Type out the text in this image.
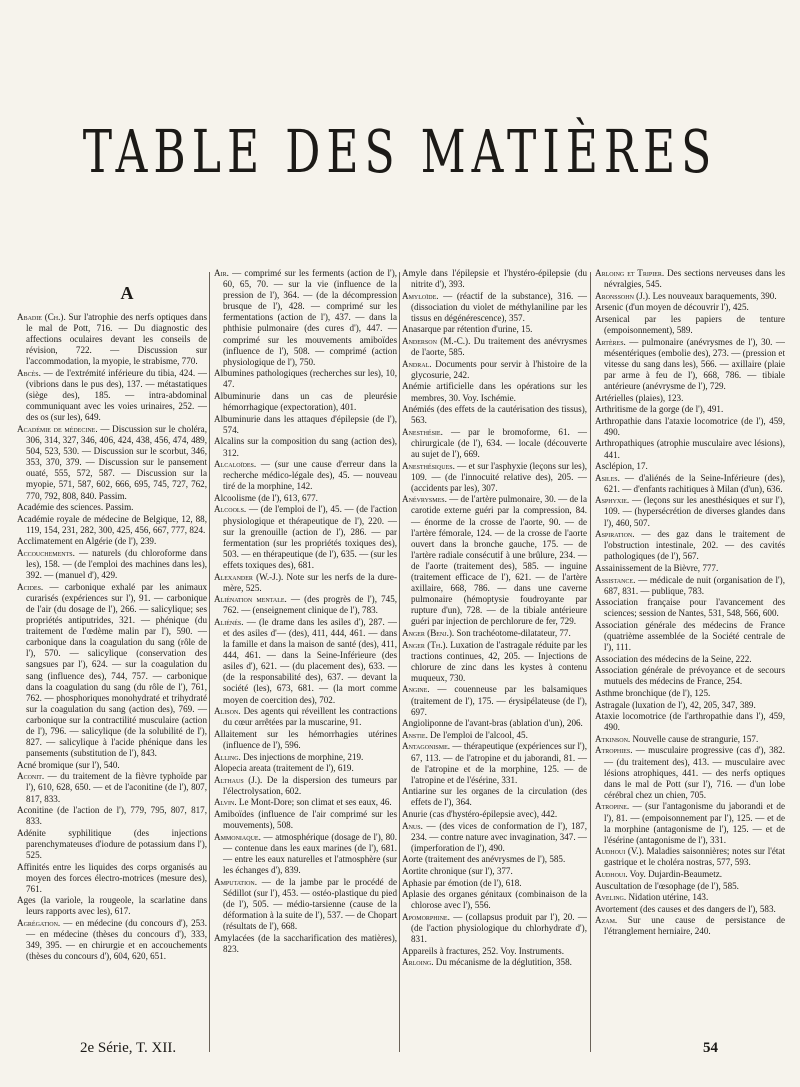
TABLE DES MATIÈRES
A

Abadie (Ch.). Sur l'atrophie des nerfs optiques dans le mal de Pott, 716. — Du diagnostic des affections oculaires devant les conseils de révision, 722. — Discussion sur l'accommodation, la myopie, le strabisme, 770.

Abcès. — de l'extrémité inférieure du tibia, 424. — (vibrions dans le pus des), 137. — métastatiques (siège des), 185. — intra-abdominal communiquant avec les voies urinaires, 252. — des os (sur les), 649.

Académie de médecine. — Discussion sur le choléra, 306, 314, 327, 346, 406, 424, 438, 456, 474, 489, 504, 523, 530. — Discussion sur le scorbut, 346, 353, 370, 379. — Discussion sur le pansement ouaté, 555, 572, 587. — Discussion sur la myopie, 571, 587, 602, 666, 695, 745, 727, 762, 770, 792, 808, 840. Passim.

Académie des sciences. Passim.

Académie royale de médecine de Belgique, 12, 88, 119, 154, 231, 282, 300, 425, 456, 667, 777, 824.

Acclimatement en Algérie (de l'), 239.

Accouchements. — naturels (du chloroforme dans les), 158. — (de l'emploi des machines dans les), 392. — (manuel d'), 429.

Acides. — carbonique exhalé par les animaux curarisés (expériences sur l'), 91. — carbonique de l'air (du dosage de l'), 266. — salicylique; ses propriétés antiputrides, 321. — phénique (du traitement de l'œdème malin par l'), 590. — carbonique dans la coagulation du sang (rôle de l'), 570. — salicylique (conservation des sangsues par l'), 624. — sur la coagulation du sang (influence des), 744, 757. — carbonique dans la coagulation du sang (du rôle de l'), 761, 762. — phosphoriques monohydraté et trihydraté sur la coagulation du sang (action des), 769. — carbonique sur la contractilité musculaire (action de l'), 796. — salicylique (de la solubilité de l'), 827. — salicylique à l'acide phénique dans les pansements (substitution de l'), 843.

Acné bromique (sur l'), 540.

Aconit. — du traitement de la fièvre typhoïde par l'), 610, 628, 650. — et de l'aconitine (de l'), 807, 817, 833.

Aconitine (de l'action de l'), 779, 795, 807, 817, 833.

Adénite syphilitique (des injections parenchymateuses d'iodure de potassium dans l'), 525.

Affinités entre les liquides des corps organisés au moyen des forces électro-motrices (mesure des), 761.

Ages (la variole, la rougeole, la scarlatine dans leurs rapports avec les), 617.

Agrégation. — en médecine (du concours d'), 253. — en médecine (thèses du concours d'), 333, 349, 395. — en chirurgie et en accouchements (thèses du concours d'), 604, 620, 651.

Air. — comprimé sur les ferments (action de l'), 60, 65, 70. — sur la vie (influence de la pression de l'), 364. — (de la décompression brusque de l'), 428. — comprimé sur les fermentations (action de l'), 437. — dans la phthisie pulmonaire (des cures d'), 447. — comprimé sur les mouvements amiboïdes (influence de l'), 508. — comprimé (action physiologique de l'), 750.

Albumines pathologiques (recherches sur les), 10, 47.

Albuminurie dans un cas de pleurésie hémorrhagique (expectoration), 401.

Albuminurie dans les attaques d'épilepsie (de l'), 574.

Alcalins sur la composition du sang (action des), 312.

Alcaloïdes. — (sur une cause d'erreur dans la recherche médico-légale des), 45. — nouveau tiré de la morphine, 142.

Alcoolisme (de l'), 613, 677.

Alcools. — (de l'emploi de l'), 45. — (de l'action physiologique et thérapeutique de l'), 220. — sur la grenouille (action de l'), 286. — par fermentation (sur les propriétés toxiques des), 503. — en thérapeutique (de l'), 635. — (sur les effets toxiques des), 681.

Alexander (W.-J.). Note sur les nerfs de la dure-mère, 525.

Aliénation mentale. — (des progrès de l'), 745, 762. — (enseignement clinique de l'), 783.

Aliénés. — (le drame dans les asiles d'), 287. — et des asiles d'— (des), 411, 444, 461. — dans la famille et dans la maison de santé (des), 411, 444, 461. — dans la Seine-Inférieure (des asiles d'), 621. — (du placement des), 633. — (de la responsabilité des), 637. — devant la société (les), 673, 681. — (la mort comme moyen de coercition des), 702.

Alison. Des agents qui réveillent les contractions du cœur arrêtées par la muscarine, 91.

Allaitement sur les hémorrhagies utérines (influence de l'), 596.

Alling. Des injections de morphine, 219.

Alopecia areata (traitement de l'), 619.

Althaus (J.). De la dispersion des tumeurs par l'électrolysation, 602.

Alvin. Le Mont-Dore; son climat et ses eaux, 46.

Amiboïdes (influence de l'air comprimé sur les mouvements), 508.

Ammoniaque. — atmosphérique (dosage de l'), 80. — contenue dans les eaux marines (de l'), 681. — entre les eaux naturelles et l'atmosphère (sur les échanges d'), 839.

Amputation. — de la jambe par le procédé de Sédillot (sur l'), 453. — ostéo-plastique du pied (de l'), 505. — médio-tarsienne (cause de la déformation à la suite de l'), 537. — de Chopart (résultats de l'), 668.

Amylacées (de la saccharification des matières), 823.

Amyle dans l'épilepsie et l'hystéro-épilepsie (du nitrite d'), 393.

Amyloïde. — (réactif de la substance), 316. — (dissociation du violet de méthylaniline par les tissus en dégénérescence), 357.

Anasarque par rétention d'urine, 15.

Anderson (M.-C.). Du traitement des anévrysmes de l'aorte, 585.

Andral. Documents pour servir à l'histoire de la glycosurie, 242.

Anémie artificielle dans les opérations sur les membres, 30. Voy. Ischémie.

Anémiés (des effets de la cautérisation des tissus), 563.

Anesthésie. — par le bromoforme, 61. — chirurgicale (de l'), 634. — locale (découverte au sujet de l'), 669.

Anesthésiques. — et sur l'asphyxie (leçons sur les), 109. — (de l'innocuité relative des), 205. — (accidents par les), 307.

Anévrysmes. — de l'artère pulmonaire, 30. — de la carotide externe guéri par la compression, 84. — énorme de la crosse de l'aorte, 90. — de l'artère fémorale, 124. — de la crosse de l'aorte ouvert dans la bronche gauche, 175. — de l'artère radiale consécutif à une brûlure, 234. — de l'aorte (traitement des), 585. — inguine (traitement efficace de l'), 621. — de l'artère axillaire, 668, 786. — dans une caverne pulmonaire (hémoptysie foudroyante par rupture d'un), 728. — de la tibiale antérieure guéri par injection de perchlorure de fer, 729.

Anger (Benj.). Son trachéotome-dilatateur, 77.

Anger (Th.). Luxation de l'astragale réduite par les tractions continues, 42, 205. — Injections de chlorure de zinc dans les kystes à contenu muqueux, 730.

Angine. — couenneuse par les balsamiques (traitement de l'), 175. — érysipélateuse (de l'), 697.

Angioliponne de l'avant-bras (ablation d'un), 206.

Anstie. De l'emploi de l'alcool, 45.

Antagonisme. — thérapeutique (expériences sur l'), 67, 113. — de l'atropine et du jaborandi, 81. — de l'atropine et de la morphine, 125. — de l'atropine et de l'ésérine, 331.

Antiarine sur les organes de la circulation (des effets de l'), 364.

Anurie (cas d'hystéro-épilepsie avec), 442.

Anus. — (des vices de conformation de l'), 187, 234. — contre nature avec invagination, 347. — (imperforation de l'), 490.

Aorte (traitement des anévrysmes de l'), 585.

Aortite chronique (sur l'), 377.

Aphasie par émotion (de l'), 618.

Aplasie des organes génitaux (combinaison de la chlorose avec l'), 556.

Apomorphine. — (collapsus produit par l'), 20. — (de l'action physiologique du chlorhydrate d'), 831.

Appareils à fractures, 252. Voy. Instruments.

Arloing. Du mécanisme de la déglutition, 358.

Arloing et Tripier. Des sections nerveuses dans les névralgies, 545.

Aronssohn (J.). Les nouveaux baraquements, 390.

Arsenic (d'un moyen de découvrir l'), 425.

Arsenical par les papiers de tenture (empoisonnement), 589.

Artères. — pulmonaire (anévrysmes de l'), 30. — mésentériques (embolie des), 273. — (pression et vitesse du sang dans les), 566. — axillaire (plaie par arme à feu de l'), 668, 786. — tibiale antérieure (anévrysme de l'), 729.

Artérielles (plaies), 123.

Arthritisme de la gorge (de l'), 491.

Arthropathie dans l'ataxie locomotrice (de l'), 459, 490.

Arthropathiques (atrophie musculaire avec lésions), 441.

Asclépion, 17.

Asiles. — d'aliénés de la Seine-Inférieure (des), 621. — d'enfants rachitiques à Milan (d'un), 636.

Asphyxie. — (leçons sur les anesthésiques et sur l'), 109. — (hypersécrétion de diverses glandes dans l'), 460, 507.

Aspiration. — des gaz dans le traitement de l'obstruction intestinale, 202. — des cavités pathologiques (de l'), 567.

Assainissement de la Bièvre, 777.

Assistance. — médicale de nuit (organisation de l'), 687, 831. — publique, 783.

Association française pour l'avancement des sciences; session de Nantes, 531, 548, 566, 600.

Association générale des médecins de France (quatrième assemblée de la Société centrale de l'), 111.

Association des médecins de la Seine, 222.

Association générale de prévoyance et de secours mutuels des médecins de France, 254.

Asthme bronchique (de l'), 125.

Astragale (luxation de l'), 42, 205, 347, 389.

Ataxie locomotrice (de l'arthropathie dans l'), 459, 490.

Atkinson. Nouvelle cause de strangurie, 157.

Atrophies. — musculaire progressive (cas d'), 382. — (du traitement des), 413. — musculaire avec lésions atrophiques, 441. — des nerfs optiques dans le mal de Pott (sur l'), 716. — d'un lobe cérébral chez un chien, 705.

Atropine. — (sur l'antagonisme du jaborandi et de l'), 81. — (empoisonnement par l'), 125. — et de la morphine (antagonisme de l'), 125. — et de l'ésérine (antagonisme de l'), 331.

Audhoui (V.). Maladies saisonnières; notes sur l'état gastrique et le choléra nostras, 577, 593.

Audhoui. Voy. Dujardin-Beaumetz.

Auscultation de l'œsophage (de l'), 585.

Aveling. Nidation utérine, 143.

Avortement (des causes et des dangers de l'), 583.

Azam. Sur une cause de persistance de l'étranglement herniaire, 240.

2e Série, T. XII.	54
